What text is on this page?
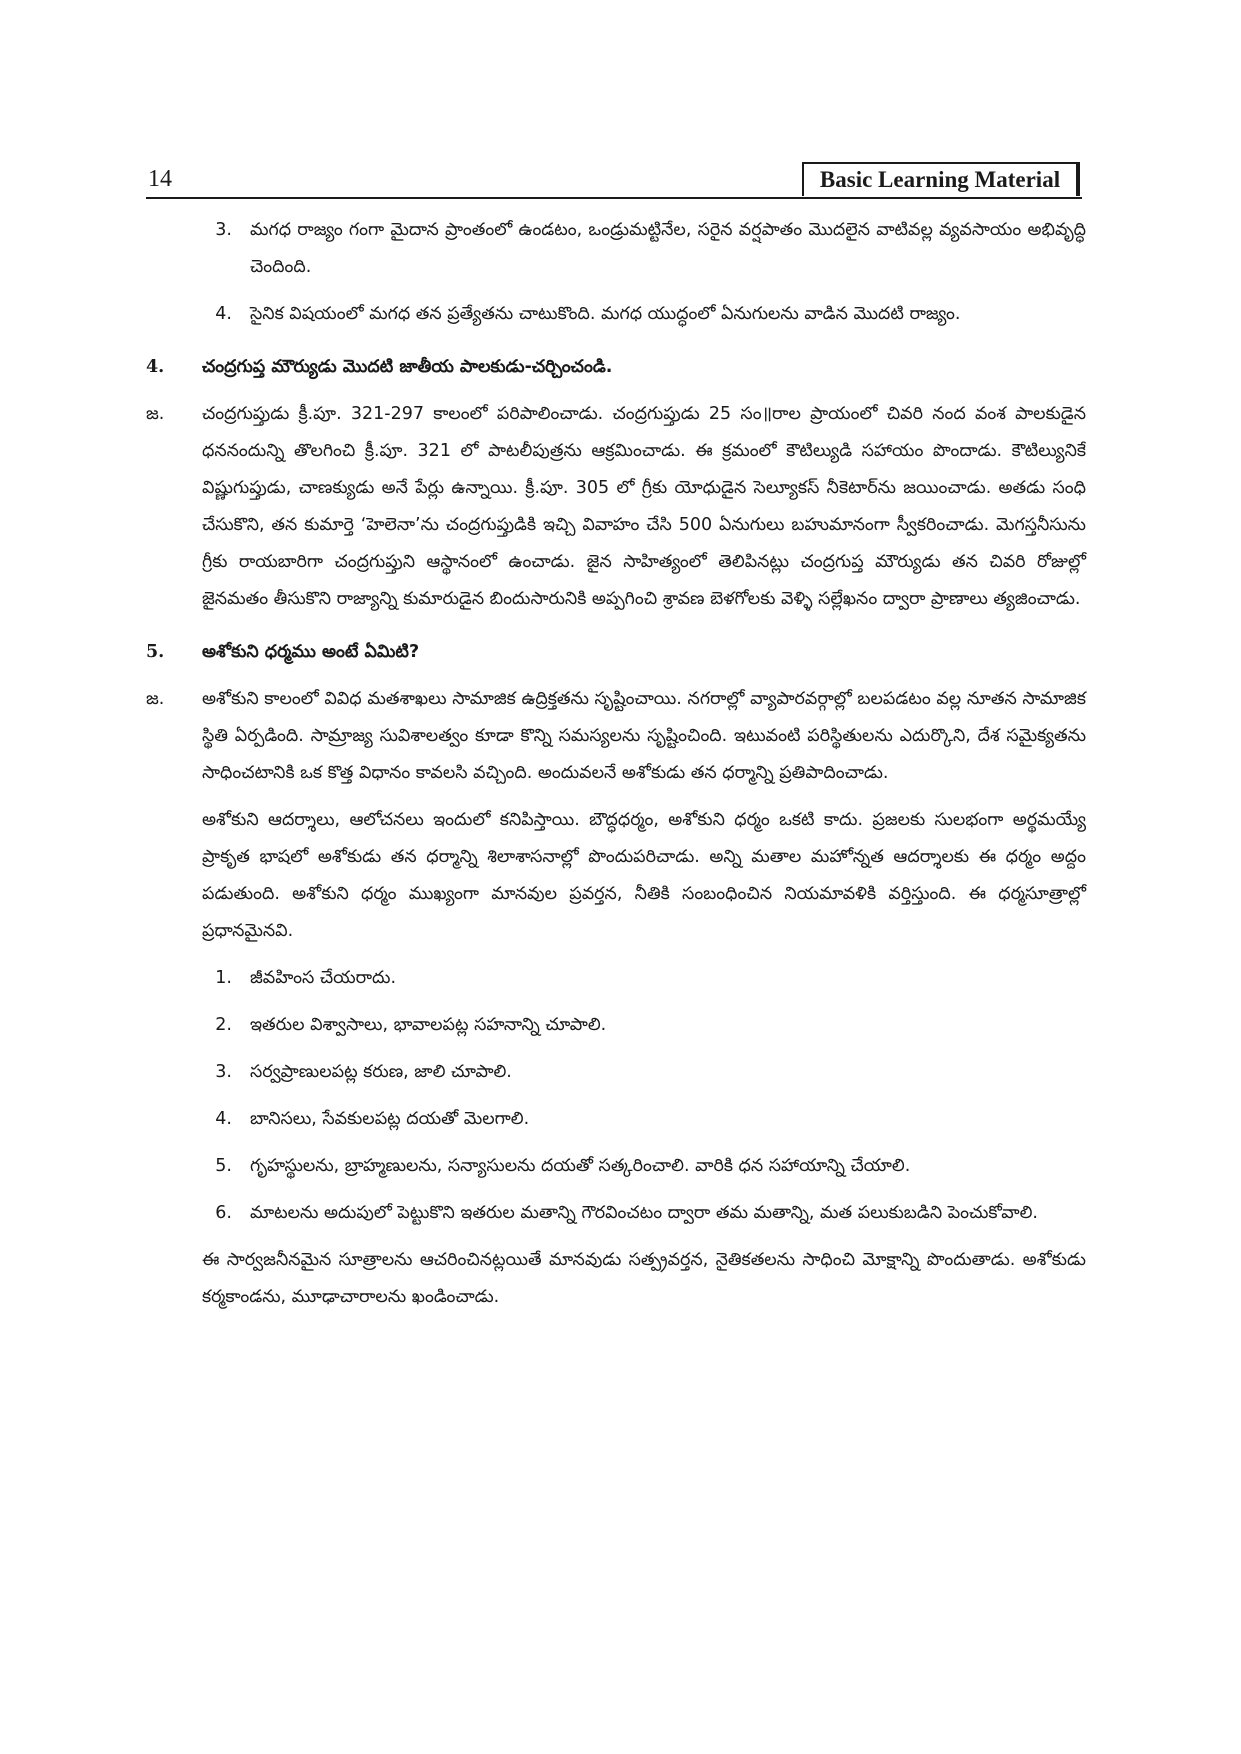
14	Basic Learning Material
3.	మగధ రాజ్యం గంగా మైదాన ప్రాంతంలో ఉండటం, ఒండ్రుమట్టినేల, సరైన వర్షపాతం మొదలైన వాటివల్ల వ్యవసాయం అభివృద్ధి చెందింది.
4.	సైనిక విషయంలో మగధ తన ప్రత్యేతను చాటుకొంది. మగధ యుద్ధంలో ఏనుగులను వాడిన మొదటి రాజ్యం.
4.	చంద్రగుప్త మౌర్యుడు మొదటి జాతీయ పాలకుడు-చర్చించండి.
జ.	చంద్రగుప్తుడు క్రీ.పూ. 321-297 కాలంలో పరిపాలించాడు. చంద్రగుప్తుడు 25 సం॥రాల ప్రాయంలో చివరి నంద వంశ పాలకుడైన ధననందున్ని తొలగించి క్రీ.పూ. 321 లో పాటలీపుత్రను ఆక్రమించాడు. ఈ క్రమంలో కౌటిల్యుడి సహాయం పొందాడు. కౌటిల్యునికే విష్ణుగుప్తుడు, చాణక్యుడు అనే పేర్లు ఉన్నాయి. క్రీ.పూ. 305 లో గ్రీకు యోధుడైన సెల్యూకస్ నీకెటార్‌ను జయించాడు. అతడు సంధి చేసుకొని, తన కుమార్తె ‘హెలెనా’ను చంద్రగుప్తుడికి ఇచ్చి వివాహం చేసి 500 ఏనుగులు బహుమానంగా స్వీకరించాడు. మెగస్తనీసును గ్రీకు రాయబారిగా చంద్రగుప్తుని ఆస్థానంలో ఉంచాడు. జైన సాహిత్యంలో తెలిపినట్లు చంద్రగుప్త మౌర్యుడు తన చివరి రోజుల్లో జైనమతం తీసుకొని రాజ్యాన్ని కుమారుడైన బిందుసారునికి అప్పగించి శ్రావణ బెళగోలకు వెళ్ళి సల్లేఖనం ద్వారా ప్రాణాలు త్యజించాడు.
5.	అశోకుని ధర్మము అంటే ఏమిటి?
జ.	అశోకుని కాలంలో వివిధ మతశాఖలు సామాజిక ఉద్రిక్తతను సృష్టించాయి. నగరాల్లో వ్యాపారవర్గాల్లో బలపడటం వల్ల నూతన సామాజిక స్థితి ఏర్పడింది. సామ్రాజ్య సువిశాలత్వం కూడా కొన్ని సమస్యలను సృష్టించింది. ఇటువంటి పరిస్థితులను ఎదుర్కొని, దేశ సమైక్యతను సాధించటానికి ఒక కొత్త విధానం కావలసి వచ్చింది. అందువలనే అశోకుడు తన ధర్మాన్ని ప్రతిపాదించాడు.
అశోకుని ఆదర్శాలు, ఆలోచనలు ఇందులో కనిపిస్తాయి. బౌద్ధధర్మం, అశోకుని ధర్మం ఒకటి కాదు. ప్రజలకు సులభంగా అర్థమయ్యే ప్రాకృత భాషలో అశోకుడు తన ధర్మాన్ని శిలాశాసనాల్లో పొందుపరిచాడు. అన్ని మతాల మహోన్నత ఆదర్శాలకు ఈ ధర్మం అద్దం పడుతుంది. అశోకుని ధర్మం ముఖ్యంగా మానవుల ప్రవర్తన, నీతికి సంబంధించిన నియమావళికి వర్తిస్తుంది. ఈ ధర్మసూత్రాల్లో ప్రధానమైనవి.
1.	జీవహింస చేయరాదు.
2.	ఇతరుల విశ్వాసాలు, భావాలపట్ల సహనాన్ని చూపాలి.
3.	సర్వప్రాణులపట్ల కరుణ, జాలి చూపాలి.
4.	బానిసలు, సేవకులపట్ల దయతో మెలగాలి.
5.	గృహస్థులను, బ్రాహ్మణులను, సన్యాసులను దయతో సత్కరించాలి. వారికి ధన సహాయాన్ని చేయాలి.
6.	మాటలను అదుపులో పెట్టుకొని ఇతరుల మతాన్ని గౌరవించటం ద్వారా తమ మతాన్ని, మత పలుకుబడిని పెంచుకోవాలి.
ఈ సార్వజనీనమైన సూత్రాలను ఆచరించినట్లయితే మానవుడు సత్ప్రవర్తన, నైతికతలను సాధించి మోక్షాన్ని పొందుతాడు. అశోకుడు కర్మకాండను, మూఢాచారాలను ఖండించాడు.
